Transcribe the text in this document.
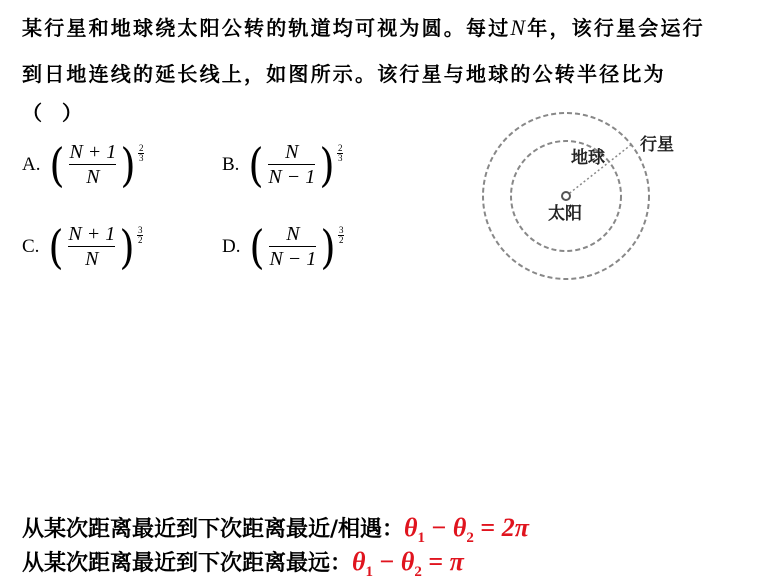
某行星和地球绕太阳公转的轨道均可视为圆。每过N年，该行星会运行

到日地连线的延长线上，如图所示。该行星与地球的公转半径比为

（　）

A. ( $\frac{N + 1}{N}$ ) 2
3	B. ( $\frac{N}{N - 1}$ ) 2
3
C. ( $\frac{N + 1}{N}$ ) 3
2	D. ( $\frac{N}{N - 1}$ ) 3
2
太阳
地球
行星

从某次距离最近到下次距离最近/相遇：$\theta_1 - \theta_2 = 2\pi$

从某次距离最近到下次距离最远：$\theta_1 - \theta_2 = \pi$
